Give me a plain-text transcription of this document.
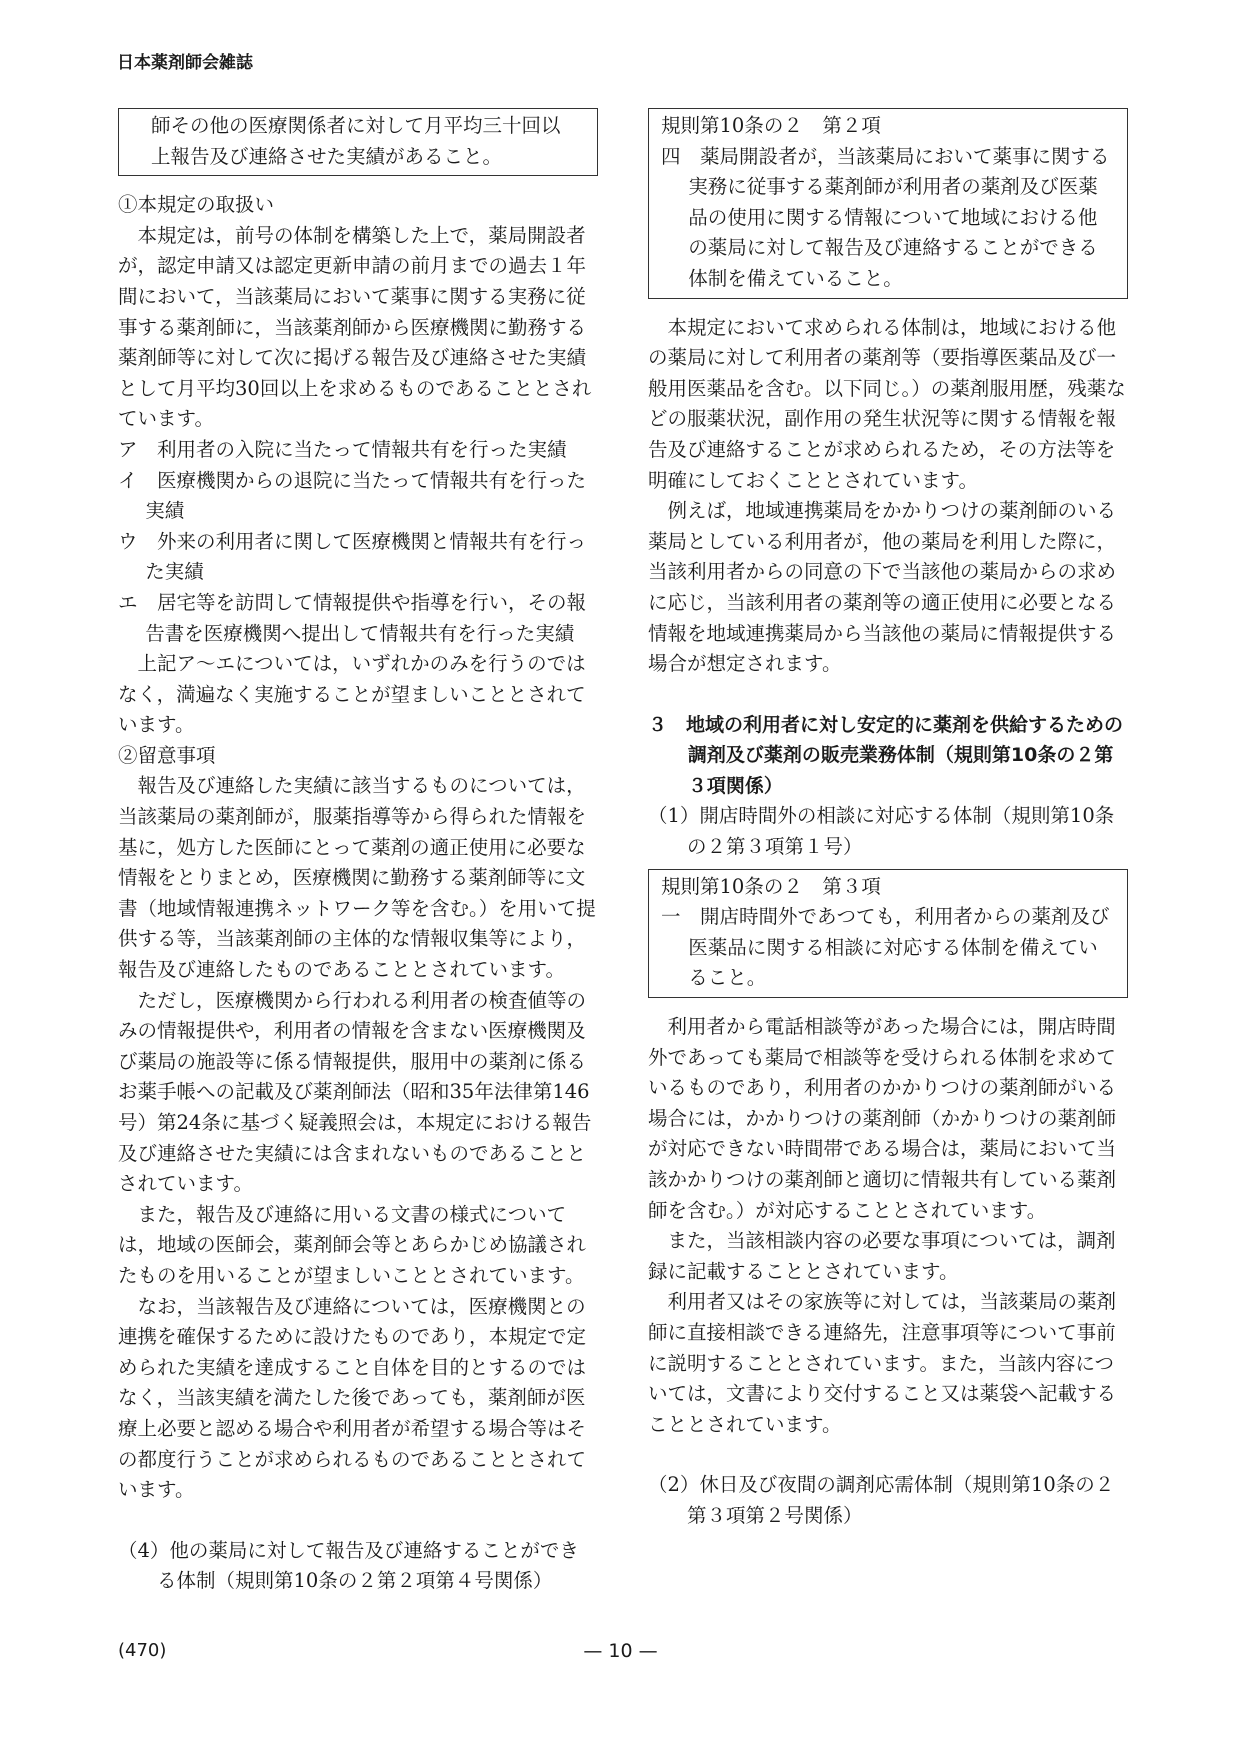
日本薬剤師会雑誌

師その他の医療関係者に対して月平均三十回以

上報告及び連絡させた実績があること。

①本規定の取扱い

本規定は，前号の体制を構築した上で，薬局開設者が，認定申請又は認定更新申請の前月までの過去１年間において，当該薬局において薬事に関する実務に従事する薬剤師に，当該薬剤師から医療機関に勤務する薬剤師等に対して次に掲げる報告及び連絡させた実績として月平均30回以上を求めるものであることとされています。

ア　利用者の入院に当たって情報共有を行った実績

イ　医療機関からの退院に当たって情報共有を行った実績

ウ　外来の利用者に関して医療機関と情報共有を行った実績

エ　居宅等を訪問して情報提供や指導を行い，その報告書を医療機関へ提出して情報共有を行った実績

上記ア～エについては，いずれかのみを行うのではなく，満遍なく実施することが望ましいこととされています。

②留意事項

報告及び連絡した実績に該当するものについては，当該薬局の薬剤師が，服薬指導等から得られた情報を基に，処方した医師にとって薬剤の適正使用に必要な情報をとりまとめ，医療機関に勤務する薬剤師等に文書（地域情報連携ネットワーク等を含む。）を用いて提供する等，当該薬剤師の主体的な情報収集等により，報告及び連絡したものであることとされています。

ただし，医療機関から行われる利用者の検査値等のみの情報提供や，利用者の情報を含まない医療機関及び薬局の施設等に係る情報提供，服用中の薬剤に係るお薬手帳への記載及び薬剤師法（昭和35年法律第146号）第24条に基づく疑義照会は，本規定における報告及び連絡させた実績には含まれないものであることとされています。

また，報告及び連絡に用いる文書の様式については，地域の医師会，薬剤師会等とあらかじめ協議されたものを用いることが望ましいこととされています。

なお，当該報告及び連絡については，医療機関との連携を確保するために設けたものであり，本規定で定められた実績を達成すること自体を目的とするのではなく，当該実績を満たした後であっても，薬剤師が医療上必要と認める場合や利用者が希望する場合等はその都度行うことが求められるものであることとされています。

（4）他の薬局に対して報告及び連絡することができる体制（規則第10条の２第２項第４号関係）

規則第10条の２　第２項

四　薬局開設者が，当該薬局において薬事に関する実務に従事する薬剤師が利用者の薬剤及び医薬品の使用に関する情報について地域における他の薬局に対して報告及び連絡することができる体制を備えていること。

本規定において求められる体制は，地域における他の薬局に対して利用者の薬剤等（要指導医薬品及び一般用医薬品を含む。以下同じ。）の薬剤服用歴，残薬などの服薬状況，副作用の発生状況等に関する情報を報告及び連絡することが求められるため，その方法等を明確にしておくこととされています。

例えば，地域連携薬局をかかりつけの薬剤師のいる薬局としている利用者が，他の薬局を利用した際に，当該利用者からの同意の下で当該他の薬局からの求めに応じ，当該利用者の薬剤等の適正使用に必要となる情報を地域連携薬局から当該他の薬局に情報提供する場合が想定されます。

３　地域の利用者に対し安定的に薬剤を供給するための調剤及び薬剤の販売業務体制（規則第10条の２第３項関係）

（1）開店時間外の相談に対応する体制（規則第10条の２第３項第１号）

規則第10条の２　第３項

一　開店時間外であつても，利用者からの薬剤及び医薬品に関する相談に対応する体制を備えていること。

利用者から電話相談等があった場合には，開店時間外であっても薬局で相談等を受けられる体制を求めているものであり，利用者のかかりつけの薬剤師がいる場合には，かかりつけの薬剤師（かかりつけの薬剤師が対応できない時間帯である場合は，薬局において当該かかりつけの薬剤師と適切に情報共有している薬剤師を含む。）が対応することとされています。

また，当該相談内容の必要な事項については，調剤録に記載することとされています。

利用者又はその家族等に対しては，当該薬局の薬剤師に直接相談できる連絡先，注意事項等について事前に説明することとされています。また，当該内容については，文書により交付すること又は薬袋へ記載することとされています。

（2）休日及び夜間の調剤応需体制（規則第10条の２第３項第２号関係）

(470)	— 10 —
